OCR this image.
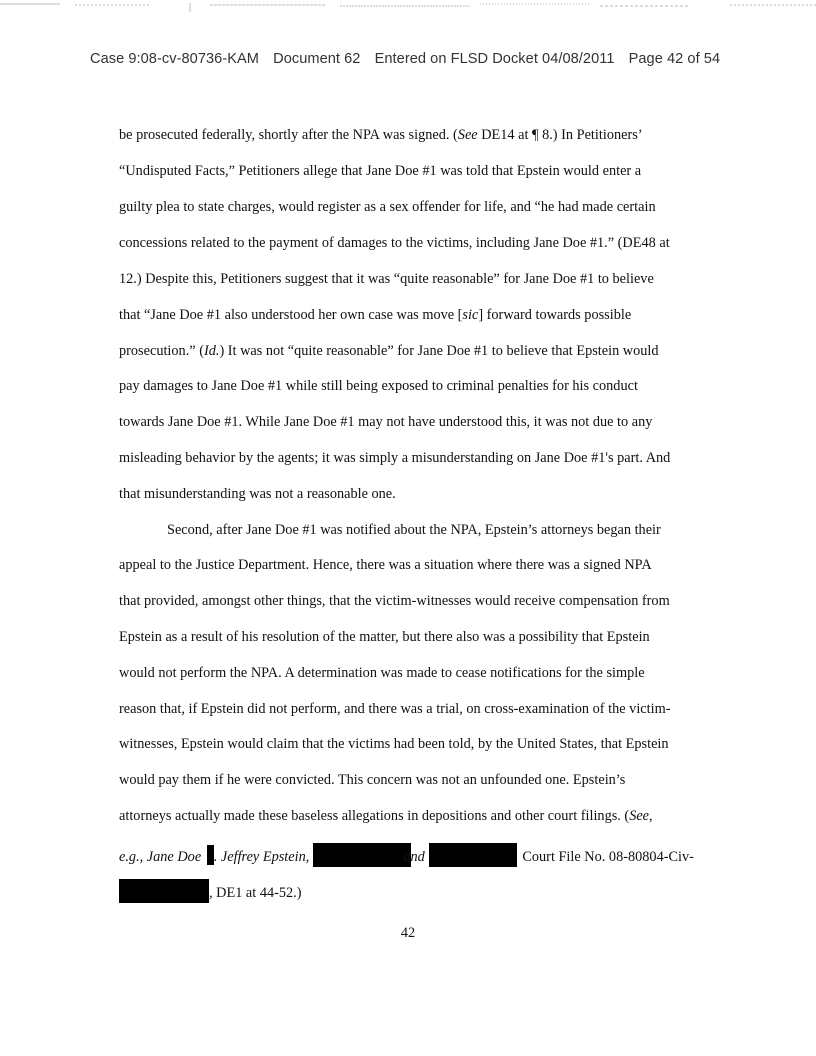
Case 9:08-cv-80736-KAM Document 62 Entered on FLSD Docket 04/08/2011 Page 42 of 54
be prosecuted federally, shortly after the NPA was signed. (See DE14 at ¶ 8.) In Petitioners’
“Undisputed Facts,” Petitioners allege that Jane Doe #1 was told that Epstein would enter a
guilty plea to state charges, would register as a sex offender for life, and “he had made certain
concessions related to the payment of damages to the victims, including Jane Doe #1.” (DE48 at
12.) Despite this, Petitioners suggest that it was “quite reasonable” for Jane Doe #1 to believe
that “Jane Doe #1 also understood her own case was move [sic] forward towards possible
prosecution.” (Id.) It was not “quite reasonable” for Jane Doe #1 to believe that Epstein would
pay damages to Jane Doe #1 while still being exposed to criminal penalties for his conduct
towards Jane Doe #1. While Jane Doe #1 may not have understood this, it was not due to any
misleading behavior by the agents; it was simply a misunderstanding on Jane Doe #1's part. And
that misunderstanding was not a reasonable one.
Second, after Jane Doe #1 was notified about the NPA, Epstein’s attorneys began their
appeal to the Justice Department. Hence, there was a situation where there was a signed NPA
that provided, amongst other things, that the victim-witnesses would receive compensation from
Epstein as a result of his resolution of the matter, but there also was a possibility that Epstein
would not perform the NPA. A determination was made to cease notifications for the simple
reason that, if Epstein did not perform, and there was a trial, on cross-examination of the victim-
witnesses, Epstein would claim that the victims had been told, by the United States, that Epstein
would pay them if he were convicted. This concern was not an unfounded one. Epstein’s
attorneys actually made these baseless allegations in depositions and other court filings. (See,
e.g., Jane Doe . Jeffrey Epstein,	and	Court File No. 08-80804-Civ-
, DE1 at 44-52.)
42
